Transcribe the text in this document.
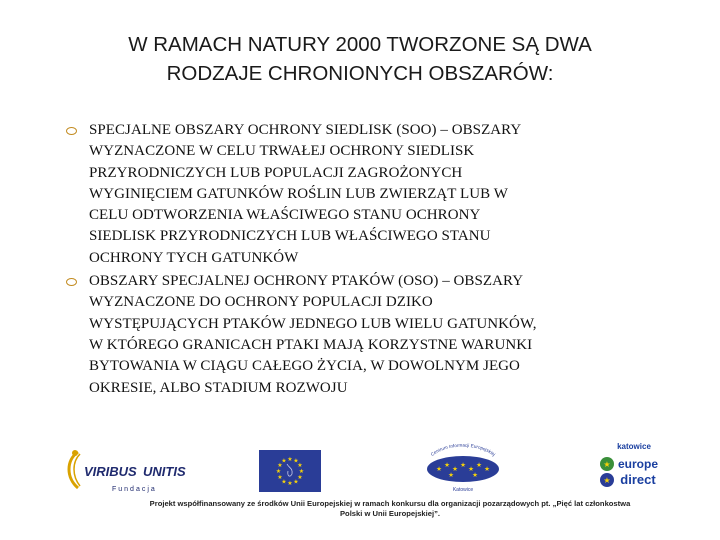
W RAMACH NATURY 2000 TWORZONE SĄ DWA
RODZAJE CHRONIONYCH OBSZARÓW:
SPECJALNE OBSZARY OCHRONY SIEDLISK (SOO) – OBSZARY
WYZNACZONE W CELU TRWAŁEJ OCHRONY SIEDLISK
PRZYRODNICZYCH LUB POPULACJI ZAGROŻONYCH
WYGINIĘCIEM GATUNKÓW ROŚLIN LUB ZWIERZĄT LUB W
CELU ODTWORZENIA WŁAŚCIWEGO STANU OCHRONY
SIEDLISK PRZYRODNICZYCH LUB WŁAŚCIWEGO STANU
OCHRONY TYCH GATUNKÓW
OBSZARY SPECJALNEJ OCHRONY PTAKÓW (OSO) – OBSZARY
WYZNACZONE DO OCHRONY POPULACJI DZIKO
WYSTĘPUJĄCYCH PTAKÓW JEDNEGO LUB WIELU GATUNKÓW,
W KTÓREGO GRANICACH PTAKI MAJĄ KORZYSTNE WARUNKI
BYTOWANIA W CIĄGU CAŁEGO ŻYCIA, W DOWOLNYM JEGO
OKRESIE, ALBO STADIUM ROZWOJU
VIRIBUS UNITIS
Fundacja
★ ★
★
★
★
★
★
★
★
★
★
★
Centrum Informacji Europejskiej
★ ★ ★ ★ ★ ★ ★
★	★
Katowice
katowice
★
★
europe
direct
Projekt współfinansowany ze środków Unii Europejskiej w ramach konkursu dla organizacji pozarządowych pt. „Pięć lat członkostwa
Polski w Unii Europejskiej”.
